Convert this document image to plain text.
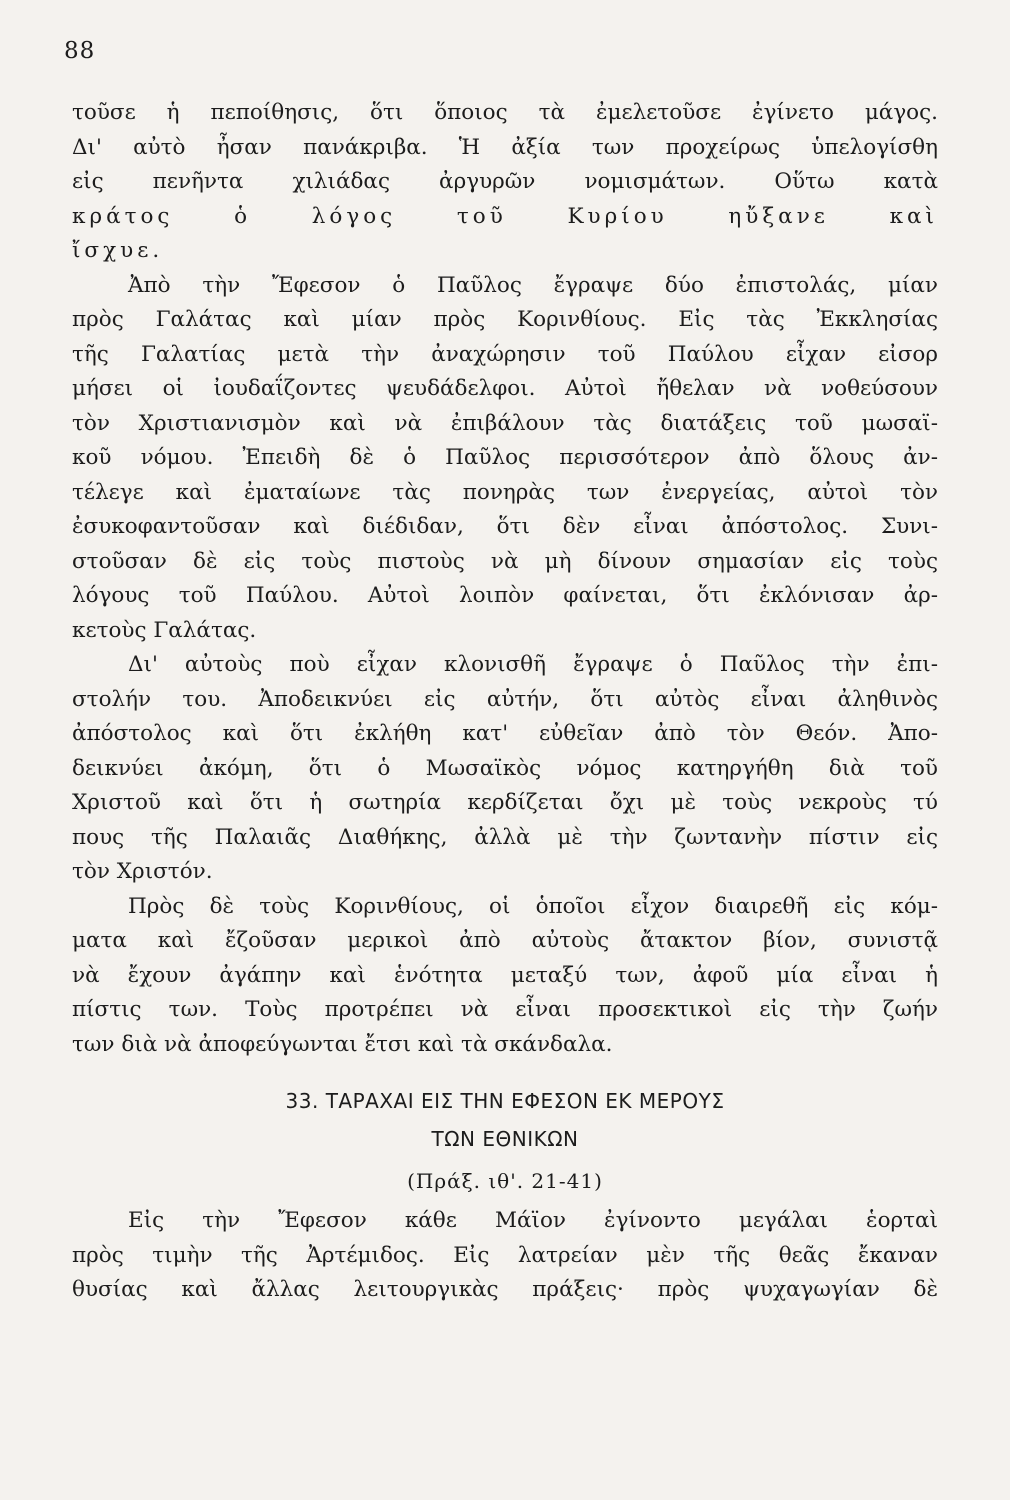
88
τοῦσε ἡ πεποίθησις, ὅτι ὅποιος τὰ ἐμελετοῦσε ἐγίνετο μάγος.
Δι' αὐτὸ ἦσαν πανάκριβα. Ἡ ἀξία των προχείρως ὑπελογίσθη
εἰς πενῆντα χιλιάδας ἀργυρῶν νομισμάτων. Οὕτω κατὰ
κράτος ὁ λόγος τοῦ Κυρίου ηὔξανε καὶ
ἴσχυε.
Ἀπὸ τὴν Ἔφεσον ὁ Παῦλος ἔγραψε δύο ἐπιστολάς, μίαν
πρὸς Γαλάτας καὶ μίαν πρὸς Κορινθίους. Εἰς τὰς Ἐκκλησίας
τῆς Γαλατίας μετὰ τὴν ἀναχώρησιν τοῦ Παύλου εἶχαν εἰσορ
μήσει οἱ ἰουδαΐζοντες ψευδάδελφοι. Αὐτοὶ ἤθελαν νὰ νοθεύσουν
τὸν Χριστιανισμὸν καὶ νὰ ἐπιβάλουν τὰς διατάξεις τοῦ μωσαϊ-
κοῦ νόμου. Ἐπειδὴ δὲ ὁ Παῦλος περισσότερον ἀπὸ ὅλους ἀν-
τέλεγε καὶ ἐματαίωνε τὰς πονηρὰς των ἐνεργείας, αὐτοὶ τὸν
ἐσυκοφαντοῦσαν καὶ διέδιδαν, ὅτι δὲν εἶναι ἀπόστολος. Συνι-
στοῦσαν δὲ εἰς τοὺς πιστοὺς νὰ μὴ δίνουν σημασίαν εἰς τοὺς
λόγους τοῦ Παύλου. Αὐτοὶ λοιπὸν φαίνεται, ὅτι ἐκλόνισαν ἀρ-
κετοὺς Γαλάτας.
Δι' αὐτοὺς ποὺ εἶχαν κλονισθῆ ἔγραψε ὁ Παῦλος τὴν ἐπι-
στολήν του. Ἀποδεικνύει εἰς αὐτήν, ὅτι αὐτὸς εἶναι ἀληθινὸς
ἀπόστολος καὶ ὅτι ἐκλήθη κατ' εὐθεῖαν ἀπὸ τὸν Θεόν. Ἀπο-
δεικνύει ἀκόμη, ὅτι ὁ Μωσαϊκὸς νόμος κατηργήθη διὰ τοῦ
Χριστοῦ καὶ ὅτι ἡ σωτηρία κερδίζεται ὄχι μὲ τοὺς νεκροὺς τύ
πους τῆς Παλαιᾶς Διαθήκης, ἀλλὰ μὲ τὴν ζωντανὴν πίστιν εἰς
τὸν Χριστόν.
Πρὸς δὲ τοὺς Κορινθίους, οἱ ὁποῖοι εἶχον διαιρεθῆ εἰς κόμ-
ματα καὶ ἔζοῦσαν μερικοὶ ἀπὸ αὐτοὺς ἄτακτον βίον, συνιστᾷ
νὰ ἔχουν ἀγάπην καὶ ἑνότητα μεταξύ των, ἀφοῦ μία εἶναι ἡ
πίστις των. Τοὺς προτρέπει νὰ εἶναι προσεκτικοὶ εἰς τὴν ζωήν
των διὰ νὰ ἀποφεύγωνται ἔτσι καὶ τὰ σκάνδαλα.
33. ΤΑΡΑΧΑΙ ΕΙΣ ΤΗΝ ΕΦΕΣΟΝ ΕΚ ΜΕΡΟΥΣ
ΤΩΝ ΕΘΝΙΚΩΝ
(Πράξ. ιθ'. 21-41)
Εἰς τὴν Ἔφεσον κάθε Μάϊον ἐγίνοντο μεγάλαι ἑορταὶ
πρὸς τιμὴν τῆς Ἀρτέμιδος. Εἰς λατρείαν μὲν τῆς θεᾶς ἔκαναν
θυσίας καὶ ἄλλας λειτουργικὰς πράξεις· πρὸς ψυχαγωγίαν δὲ
